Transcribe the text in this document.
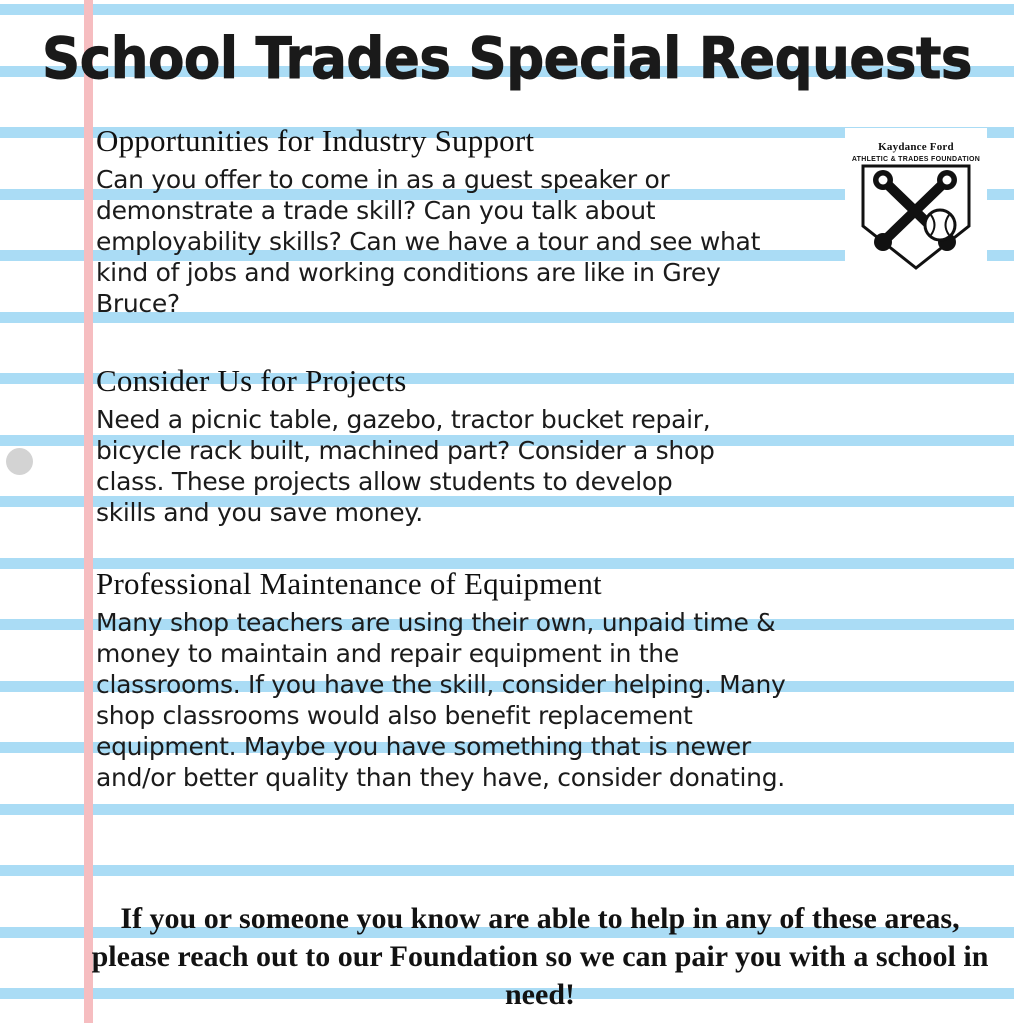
School Trades Special Requests
Opportunities for Industry Support

Can you offer to come in as a guest speaker or demonstrate a trade skill? Can you talk about employability skills? Can we have a tour and see what kind of jobs and working conditions are like in Grey Bruce?

Consider Us for Projects

Need a picnic table, gazebo, tractor bucket repair, bicycle rack built, machined part? Consider a shop class. These projects allow students to develop skills and you save money.

Professional Maintenance of Equipment

Many shop teachers are using their own, unpaid time & money to maintain and repair equipment in the classrooms. If you have the skill, consider helping. Many shop classrooms would also benefit replacement equipment. Maybe you have something that is newer and/or better quality than they have, consider donating.

Kaydance Ford
ATHLETIC & TRADES FOUNDATION
If you or someone you know are able to help in any of these areas, please reach out to our Foundation so we can pair you with a school in need!
